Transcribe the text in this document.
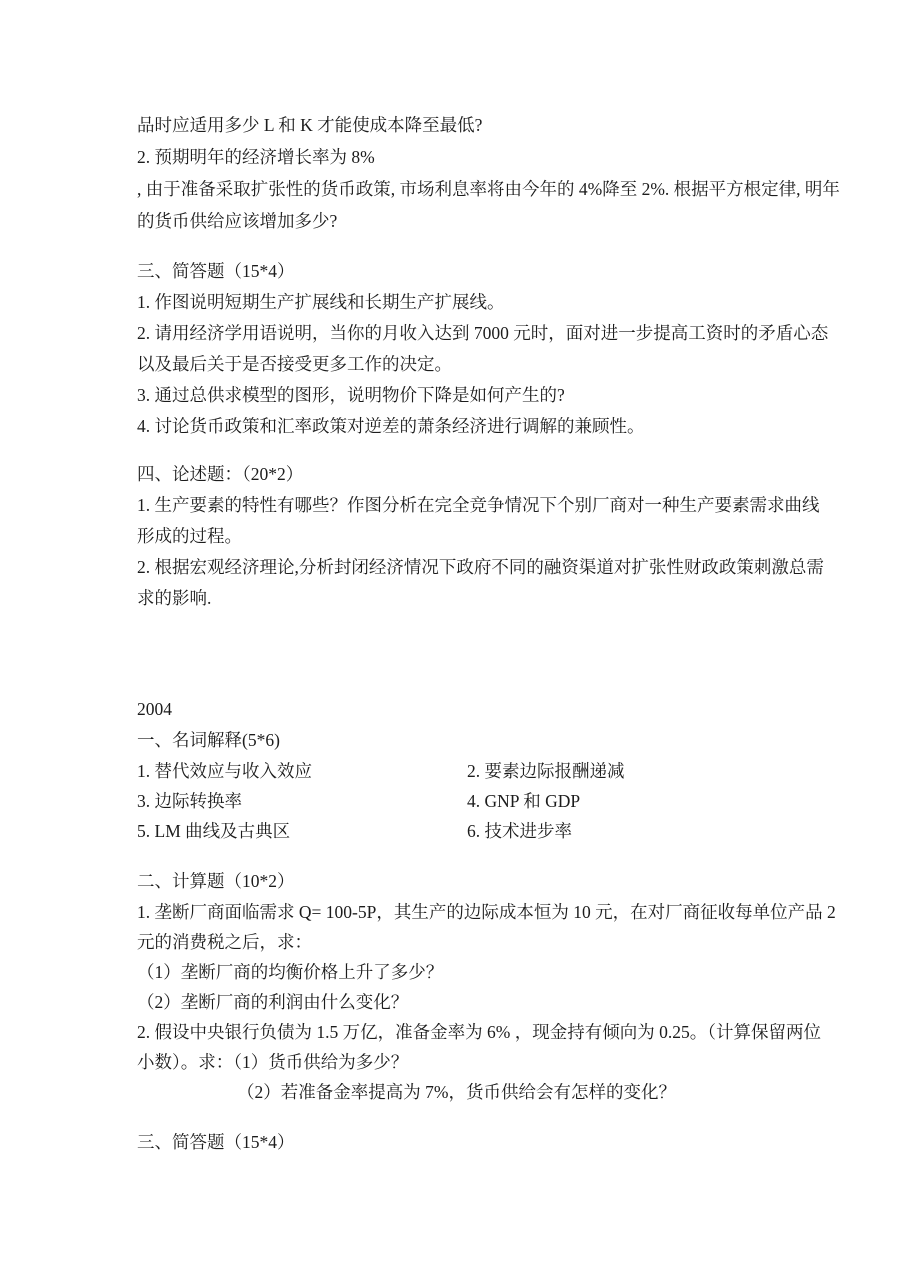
品时应适用多少 L 和 K 才能使成本降至最低?
2. 预期明年的经济增长率为 8%
, 由于准备采取扩张性的货币政策, 市场利息率将由今年的 4%降至 2%. 根据平方根定律, 明年
的货币供给应该增加多少?
三、简答题（15*4）
1. 作图说明短期生产扩展线和长期生产扩展线。
2. 请用经济学用语说明，当你的月收入达到 7000 元时，面对进一步提高工资时的矛盾心态
以及最后关于是否接受更多工作的决定。
3. 通过总供求模型的图形，说明物价下降是如何产生的?
4. 讨论货币政策和汇率政策对逆差的萧条经济进行调解的兼顾性。
四、论述题：（20*2）
1. 生产要素的特性有哪些？作图分析在完全竞争情况下个别厂商对一种生产要素需求曲线
形成的过程。
2. 根据宏观经济理论,分析封闭经济情况下政府不同的融资渠道对扩张性财政政策刺激总需
求的影响.
2004
一、名词解释(5*6)
1. 替代效应与收入效应	2. 要素边际报酬递减
3. 边际转换率	4. GNP 和 GDP
5. LM 曲线及古典区	6. 技术进步率
二、计算题（10*2）
1. 垄断厂商面临需求 Q= 100-5P，其生产的边际成本恒为 10 元，在对厂商征收每单位产品 2
元的消费税之后，求：
（1）垄断厂商的均衡价格上升了多少？
（2）垄断厂商的利润由什么变化？
2. 假设中央银行负债为 1.5 万亿，准备金率为 6% ，现金持有倾向为 0.25。（计算保留两位
小数）。求：（1）货币供给为多少？
（2）若准备金率提高为 7%，货币供给会有怎样的变化？
三、简答题（15*4）
